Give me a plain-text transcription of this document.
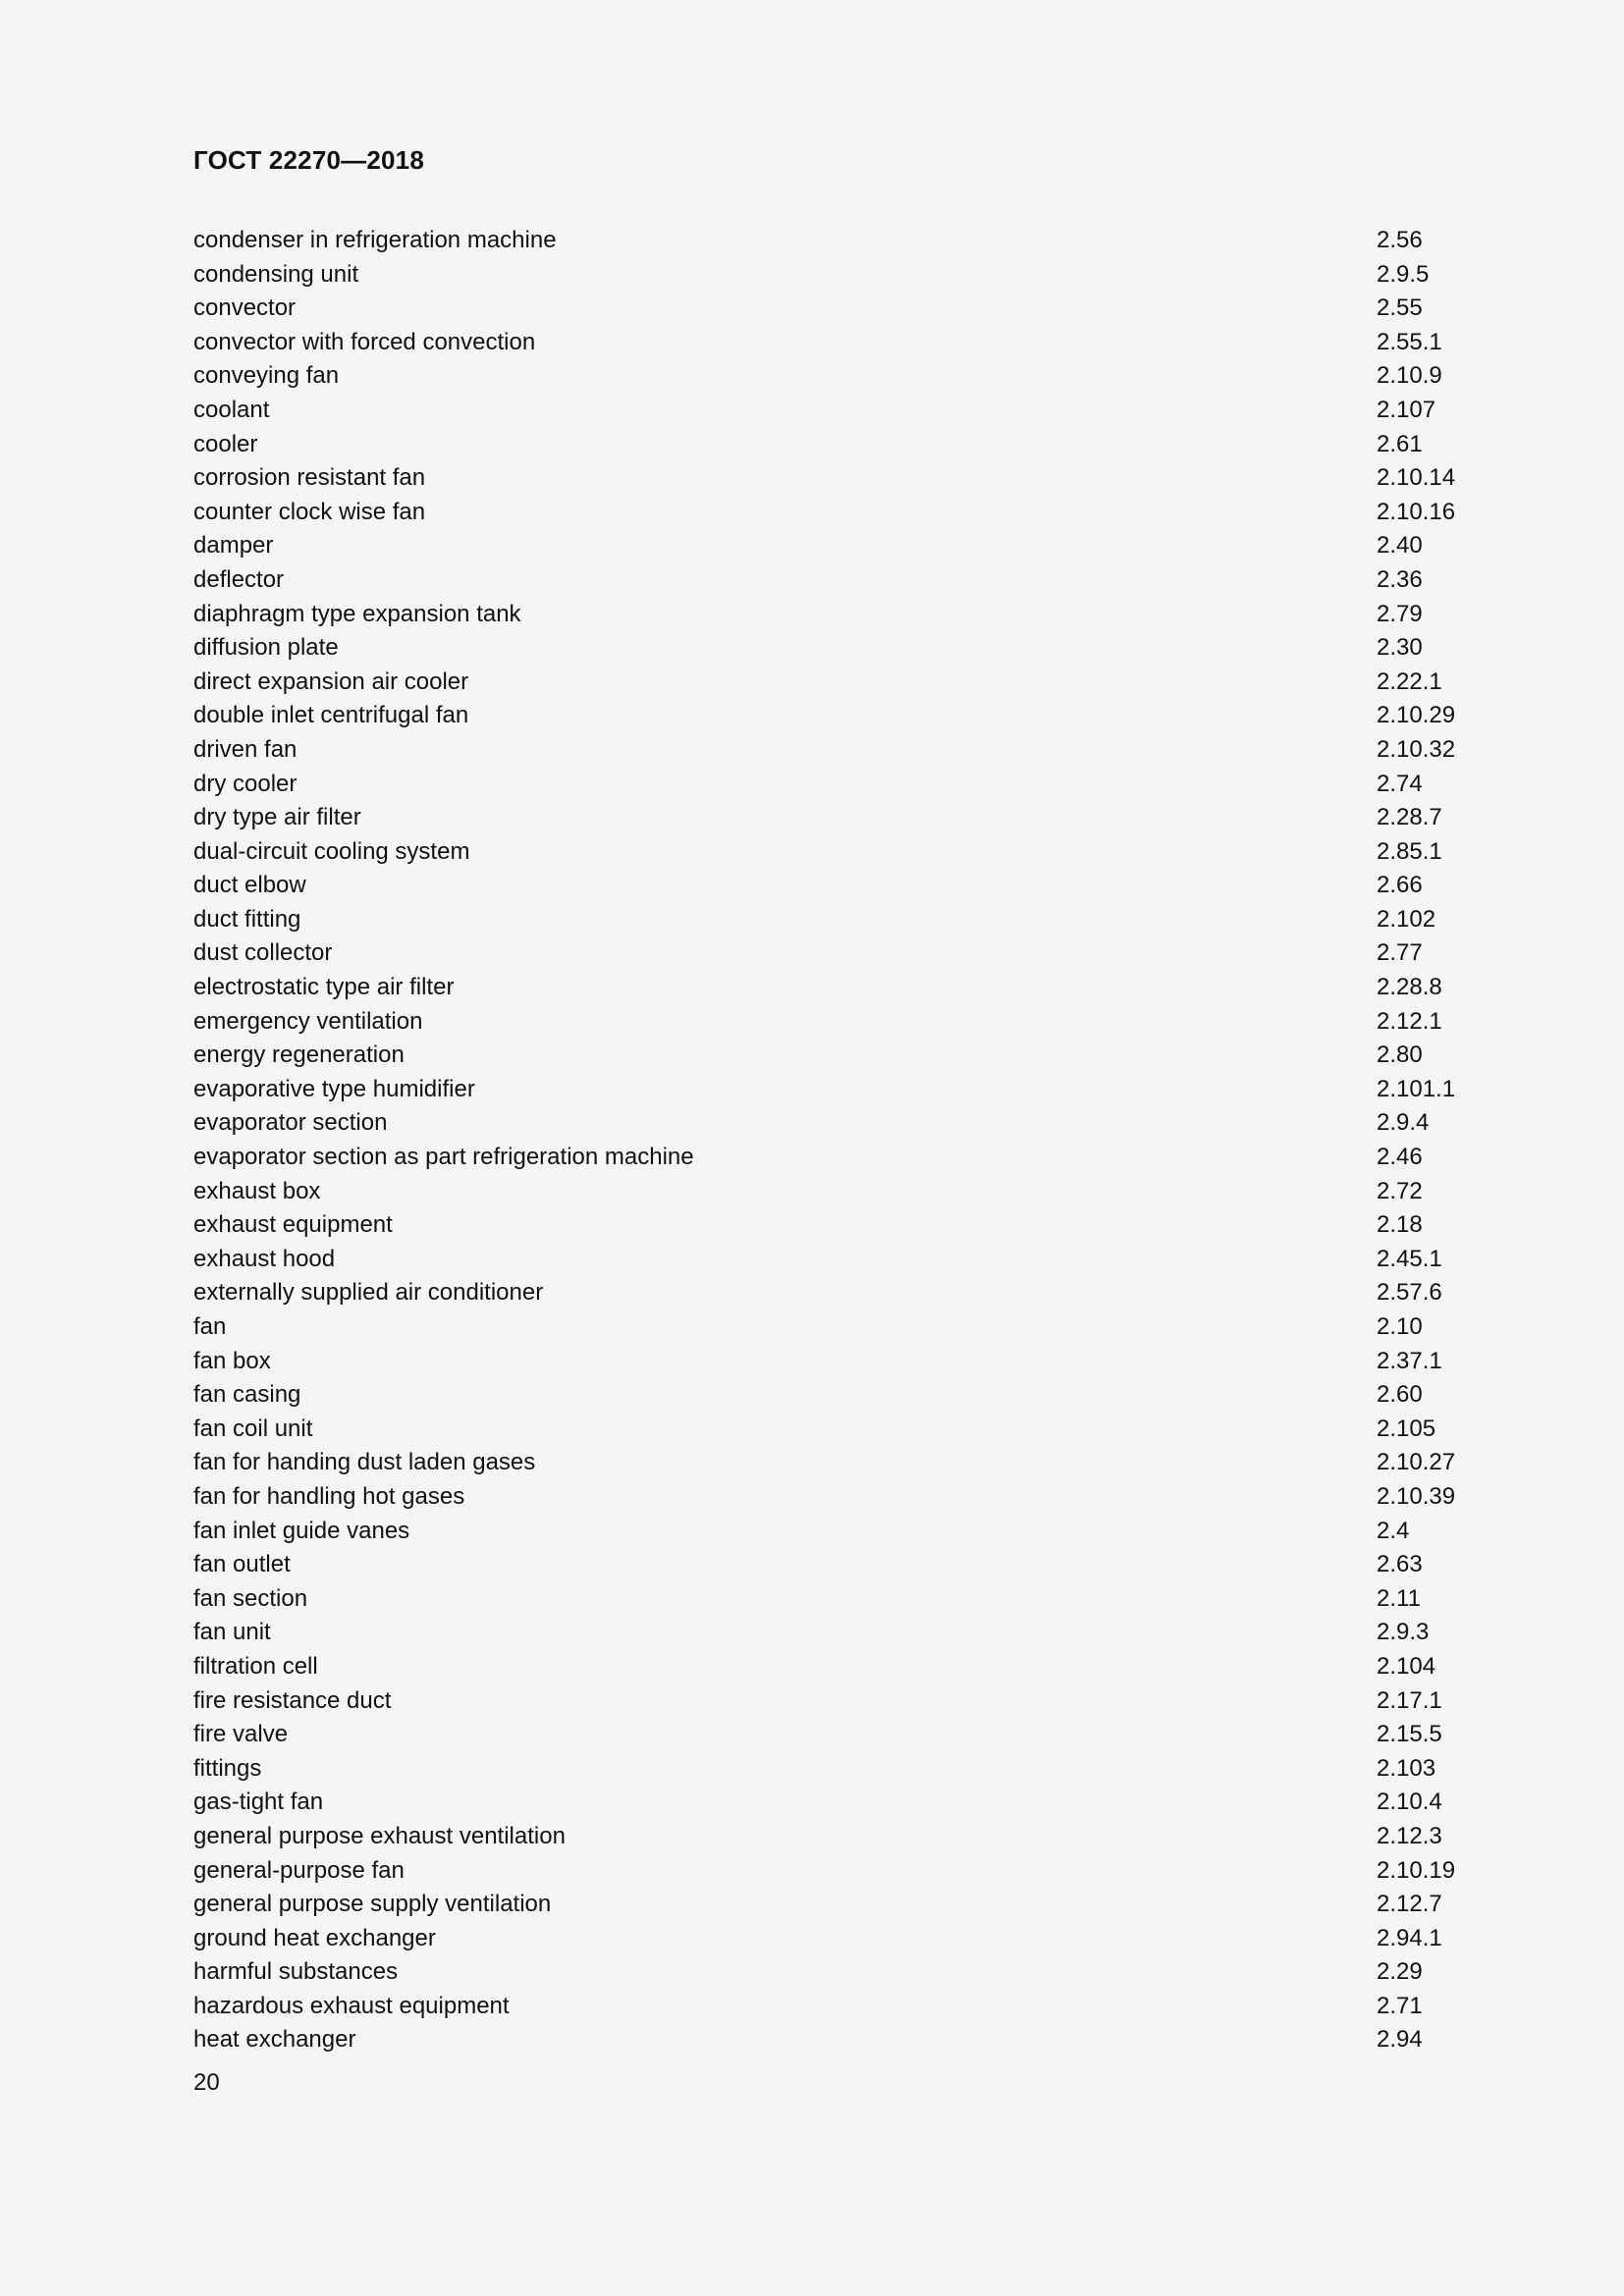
ГОСТ 22270—2018
condenser in refrigeration machine	2.56
condensing unit	2.9.5
convector	2.55
convector with forced convection	2.55.1
conveying fan	2.10.9
coolant	2.107
cooler	2.61
corrosion resistant fan	2.10.14
counter clock wise fan	2.10.16
damper	2.40
deflector	2.36
diaphragm type expansion tank	2.79
diffusion plate	2.30
direct expansion air cooler	2.22.1
double inlet centrifugal fan	2.10.29
driven fan	2.10.32
dry cooler	2.74
dry type air filter	2.28.7
dual-circuit cooling system	2.85.1
duct elbow	2.66
duct fitting	2.102
dust collector	2.77
electrostatic type air filter	2.28.8
emergency ventilation	2.12.1
energy regeneration	2.80
evaporative type humidifier	2.101.1
evaporator section	2.9.4
evaporator section as part refrigeration machine	2.46
exhaust box	2.72
exhaust equipment	2.18
exhaust hood	2.45.1
externally supplied air conditioner	2.57.6
fan	2.10
fan box	2.37.1
fan casing	2.60
fan coil unit	2.105
fan for handing dust laden gases	2.10.27
fan for handling hot gases	2.10.39
fan inlet guide vanes	2.4
fan outlet	2.63
fan section	2.11
fan unit	2.9.3
filtration cell	2.104
fire resistance duct	2.17.1
fire valve	2.15.5
fittings	2.103
gas-tight fan	2.10.4
general purpose exhaust ventilation	2.12.3
general-purpose fan	2.10.19
general purpose supply ventilation	2.12.7
ground heat exchanger	2.94.1
harmful substances	2.29
hazardous exhaust equipment	2.71
heat exchanger	2.94
20
